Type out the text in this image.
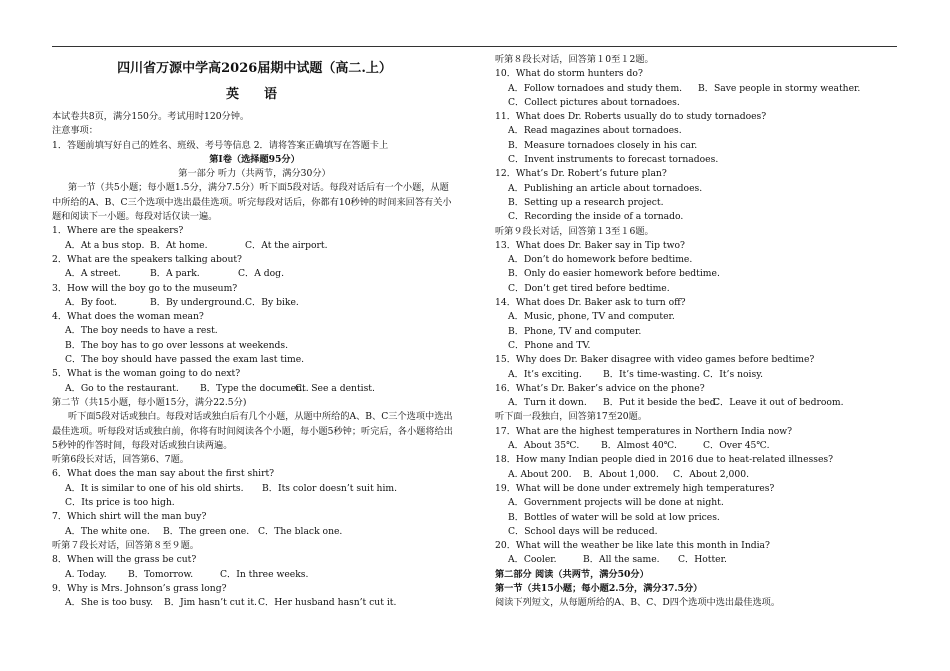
四川省万源中学高2026届期中试题（高二.上）
英　语

本试卷共8页，满分150分。考试用时120分钟。

注意事项：

1．答题前填写好自己的姓名、班级、考号等信息 2．请将答案正确填写在答题卡上

第Ⅰ卷（选择题95分）

第一部分 听力（共两节，满分30分）

第一节（共5小题；每小题1.5分，满分7.5分）听下面5段对话。每段对话后有一个小题，从题中所给的A、B、C三个选项中选出最佳选项。听完每段对话后，你都有10秒钟的时间来回答有关小题和阅读下一小题。每段对话仅读一遍。

1．Where are the speakers?

A．At a bus stop. B．At home.	C．At the airport.

2．What are the speakers talking about?

A．A street.	B．A park.	C．A dog.

3．How will the boy go to the museum?

A．By foot.	B．By underground.C．By bike.

4．What does the woman mean?

A．The boy needs to have a rest.

B．The boy has to go over lessons at weekends.

C．The boy should have passed the exam last time.

5．What is the woman going to do next?

A．Go to the restaurant. B．Type the document.C．See a dentist.

第二节（共15小题，每小题15分，满分22.5分)

听下面5段对话或独白。每段对话或独白后有几个小题，从题中所给的A、B、C三个选项中选出最佳选项。听每段对话或独白前，你将有时间阅读各个小题，每小题5秒钟；听完后，各小题将给出5秒钟的作答时间，每段对话或独白读两遍。

听第6段长对话，回答第6、7题。

6．What does the man say about the first shirt?

A．It is similar to one of his old shirts. B．Its color doesn’t suit him.

C．Its price is too high.

7．Which shirt will the man buy?

A．The white one. B．The green one. C．The black one.

听第７段长对话，回答第８至９题。

8．When will the grass be cut?

A. Today. B．Tomorrow.	C．In three weeks.

9．Why is Mrs. Johnson’s grass long?

A．She is too busy. B．Jim hasn’t cut it.C．Her husband hasn’t cut it.

听第８段长对话，回答第１0至１2题。

10．What do storm hunters do?

A．Follow tornadoes and study them. B．Save people in stormy weather.

C．Collect pictures about tornadoes.

11．What does Dr. Roberts usually do to study tornadoes?

A．Read magazines about tornadoes.

B．Measure tornadoes closely in his car.

C．Invent instruments to forecast tornadoes.

12．What’s Dr. Robert’s future plan?

A．Publishing an article about tornadoes.

B．Setting up a research project.

C．Recording the inside of a tornado.

听第９段长对话，回答第１3至１6题。

13．What does Dr. Baker say in Tip two?

A．Don’t do homework before bedtime.

B．Only do easier homework before bedtime.

C．Don’t get tired before bedtime.

14．What does Dr. Baker ask to turn off?

A．Music, phone, TV and computer.

B．Phone, TV and computer.

C．Phone and TV.

15．Why does Dr. Baker disagree with video games before bedtime?

A．It’s exciting. B．It’s time-wasting. C．It’s noisy.

16．What’s Dr. Baker’s advice on the phone?

A．Turn it down. B．Put it beside the bed.C．Leave it out of bedroom.

听下面一段独白，回答第17至20题。

17．What are the highest temperatures in Northern India now?

A．About 35℃. B．Almost 40℃.	C．Over 45℃.

18．How many Indian people died in 2016 due to heat-related illnesses?

A. About 200. B．About 1,000. C．About 2,000.

19．What will be done under extremely high temperatures?

A．Government projects will be done at night.

B．Bottles of water will be sold at low prices.

C．School days will be reduced.

20．What will the weather be like late this month in India?

A．Cooler.	B．All the same. C．Hotter.

第二部分 阅读（共两节，满分50分）

第一节（共15小题；每小题2.5分，满分37.5分）

阅读下列短文，从每题所给的A、B、C、D四个选项中选出最佳选项。
